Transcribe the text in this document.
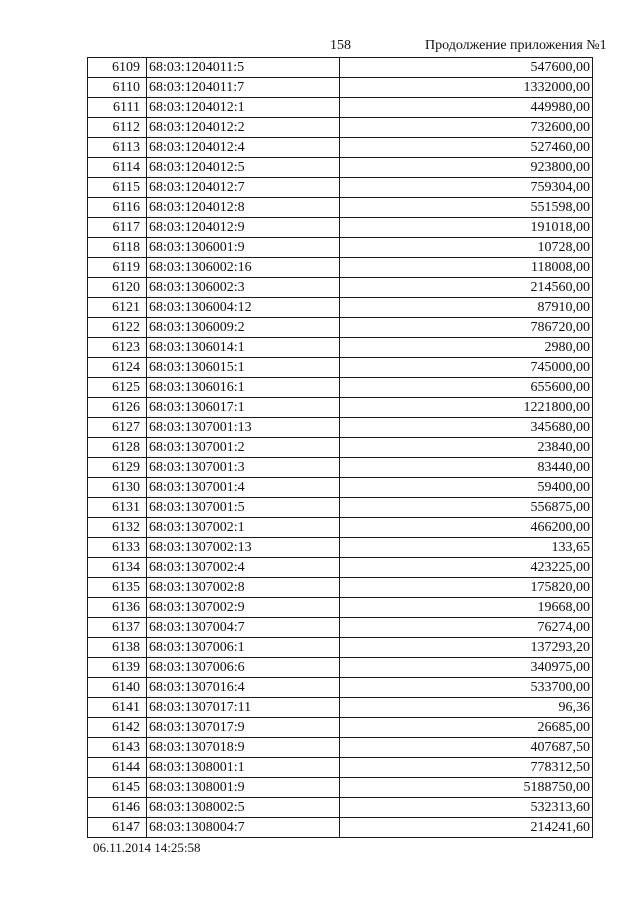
158	Продолжение приложения №1
6109	68:03:1204011:5	547600,00
6110	68:03:1204011:7	1332000,00
6111	68:03:1204012:1	449980,00
6112	68:03:1204012:2	732600,00
6113	68:03:1204012:4	527460,00
6114	68:03:1204012:5	923800,00
6115	68:03:1204012:7	759304,00
6116	68:03:1204012:8	551598,00
6117	68:03:1204012:9	191018,00
6118	68:03:1306001:9	10728,00
6119	68:03:1306002:16	118008,00
6120	68:03:1306002:3	214560,00
6121	68:03:1306004:12	87910,00
6122	68:03:1306009:2	786720,00
6123	68:03:1306014:1	2980,00
6124	68:03:1306015:1	745000,00
6125	68:03:1306016:1	655600,00
6126	68:03:1306017:1	1221800,00
6127	68:03:1307001:13	345680,00
6128	68:03:1307001:2	23840,00
6129	68:03:1307001:3	83440,00
6130	68:03:1307001:4	59400,00
6131	68:03:1307001:5	556875,00
6132	68:03:1307002:1	466200,00
6133	68:03:1307002:13	133,65
6134	68:03:1307002:4	423225,00
6135	68:03:1307002:8	175820,00
6136	68:03:1307002:9	19668,00
6137	68:03:1307004:7	76274,00
6138	68:03:1307006:1	137293,20
6139	68:03:1307006:6	340975,00
6140	68:03:1307016:4	533700,00
6141	68:03:1307017:11	96,36
6142	68:03:1307017:9	26685,00
6143	68:03:1307018:9	407687,50
6144	68:03:1308001:1	778312,50
6145	68:03:1308001:9	5188750,00
6146	68:03:1308002:5	532313,60
6147	68:03:1308004:7	214241,60
06.11.2014 14:25:58
